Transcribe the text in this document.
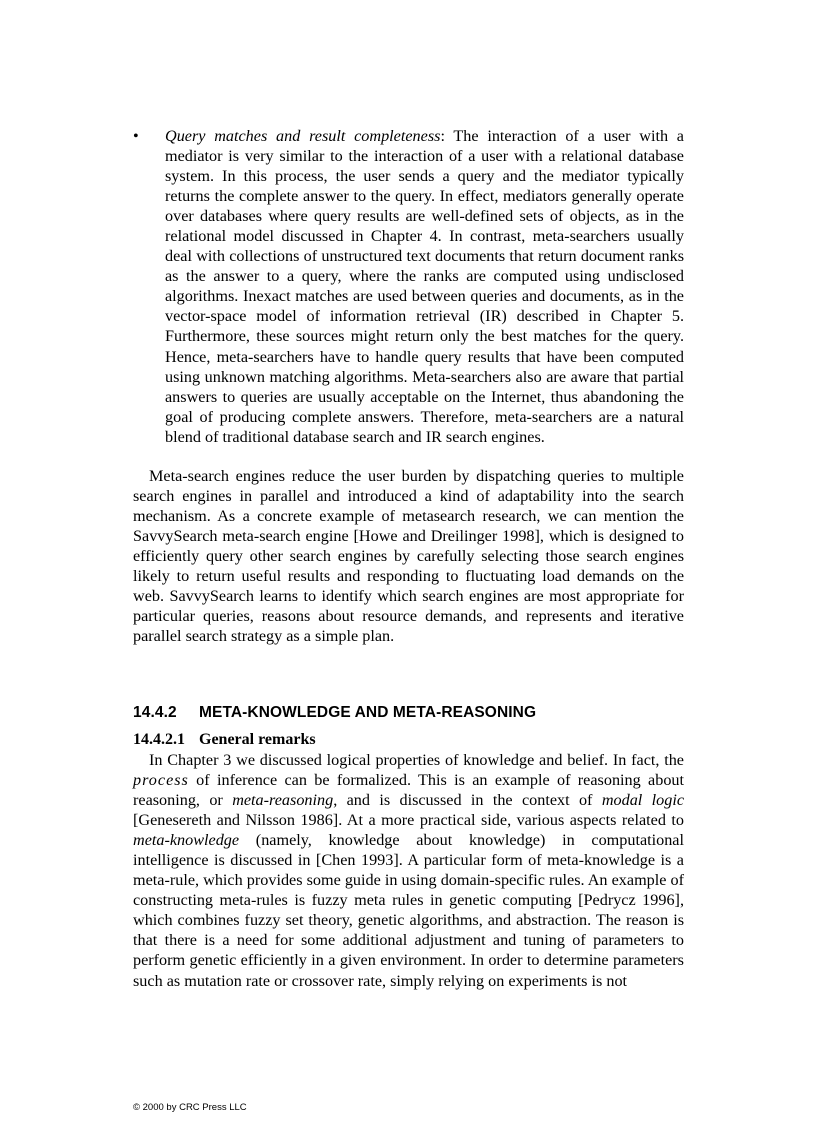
• Query matches and result completeness: The interaction of a user with a mediator is very similar to the interaction of a user with a relational database system. In this process, the user sends a query and the mediator typically returns the complete answer to the query. In effect, mediators generally operate over databases where query results are well-defined sets of objects, as in the relational model discussed in Chapter 4. In contrast, meta-searchers usually deal with collections of unstructured text documents that return document ranks as the answer to a query, where the ranks are computed using undisclosed algorithms. Inexact matches are used between queries and documents, as in the vector-space model of information retrieval (IR) described in Chapter 5. Furthermore, these sources might return only the best matches for the query. Hence, meta-searchers have to handle query results that have been computed using unknown matching algorithms. Meta-searchers also are aware that partial answers to queries are usually acceptable on the Internet, thus abandoning the goal of producing complete answers. Therefore, meta-searchers are a natural blend of traditional database search and IR search engines.

Meta-search engines reduce the user burden by dispatching queries to multiple search engines in parallel and introduced a kind of adaptability into the search mechanism. As a concrete example of metasearch research, we can mention the SavvySearch meta-search engine [Howe and Dreilinger 1998], which is designed to efficiently query other search engines by carefully selecting those search engines likely to return useful results and responding to fluctuating load demands on the web. SavvySearch learns to identify which search engines are most appropriate for particular queries, reasons about resource demands, and represents and iterative parallel search strategy as a simple plan.

14.4.2 META-KNOWLEDGE AND META-REASONING
14.4.2.1 General remarks

In Chapter 3 we discussed logical properties of knowledge and belief. In fact, the process of inference can be formalized. This is an example of reasoning about reasoning, or meta-reasoning, and is discussed in the context of modal logic [Genesereth and Nilsson 1986]. At a more practical side, various aspects related to meta-knowledge (namely, knowledge about knowledge) in computational intelligence is discussed in [Chen 1993]. A particular form of meta-knowledge is a meta-rule, which provides some guide in using domain-specific rules. An example of constructing meta-rules is fuzzy meta rules in genetic computing [Pedrycz 1996], which combines fuzzy set theory, genetic algorithms, and abstraction. The reason is that there is a need for some additional adjustment and tuning of parameters to perform genetic efficiently in a given environment. In order to determine parameters such as mutation rate or crossover rate, simply relying on experiments is not

© 2000 by CRC Press LLC
